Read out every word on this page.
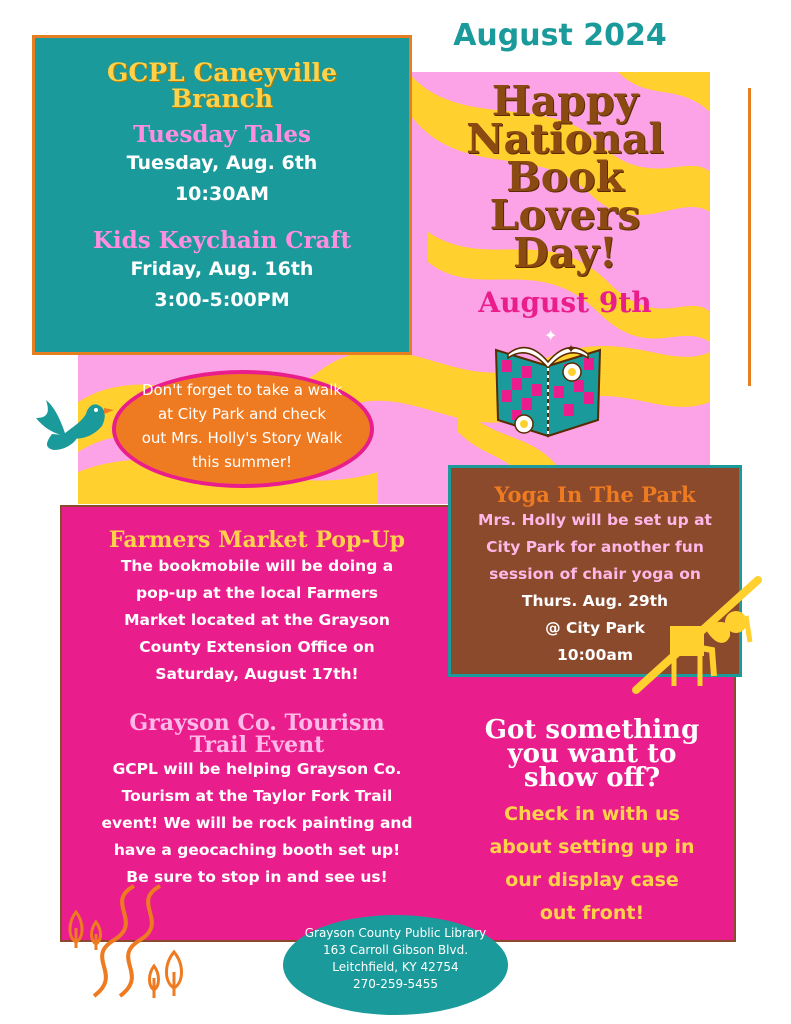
August 2024
GCPL Caneyville
Branch
Tuesday Tales
Tuesday, Aug. 6th
10:30AM
Kids Keychain Craft
Friday, Aug. 16th
3:00-5:00PM
Happy
National
Book
Lovers
Day!
August 9th
✦
✦
Don't forget to take a walk
at City Park and check
out Mrs. Holly's Story Walk
this summer!
Farmers Market Pop-Up
The bookmobile will be doing a
pop-up at the local Farmers
Market located at the Grayson
County Extension Office on
Saturday, August 17th!
Grayson Co. Tourism
Trail Event
GCPL will be helping Grayson Co.
Tourism at the Taylor Fork Trail
event! We will be rock painting and
have a geocaching booth set up!
Be sure to stop in and see us!
Yoga In The Park
Mrs. Holly will be set up at
City Park for another fun
session of chair yoga on
Thurs. Aug. 29th
@ City Park
10:00am
Got something
you want to
show off?
Check in with us
about setting up in
our display case
out front!
Grayson County Public Library
163 Carroll Gibson Blvd.
Leitchfield, KY 42754
270-259-5455
